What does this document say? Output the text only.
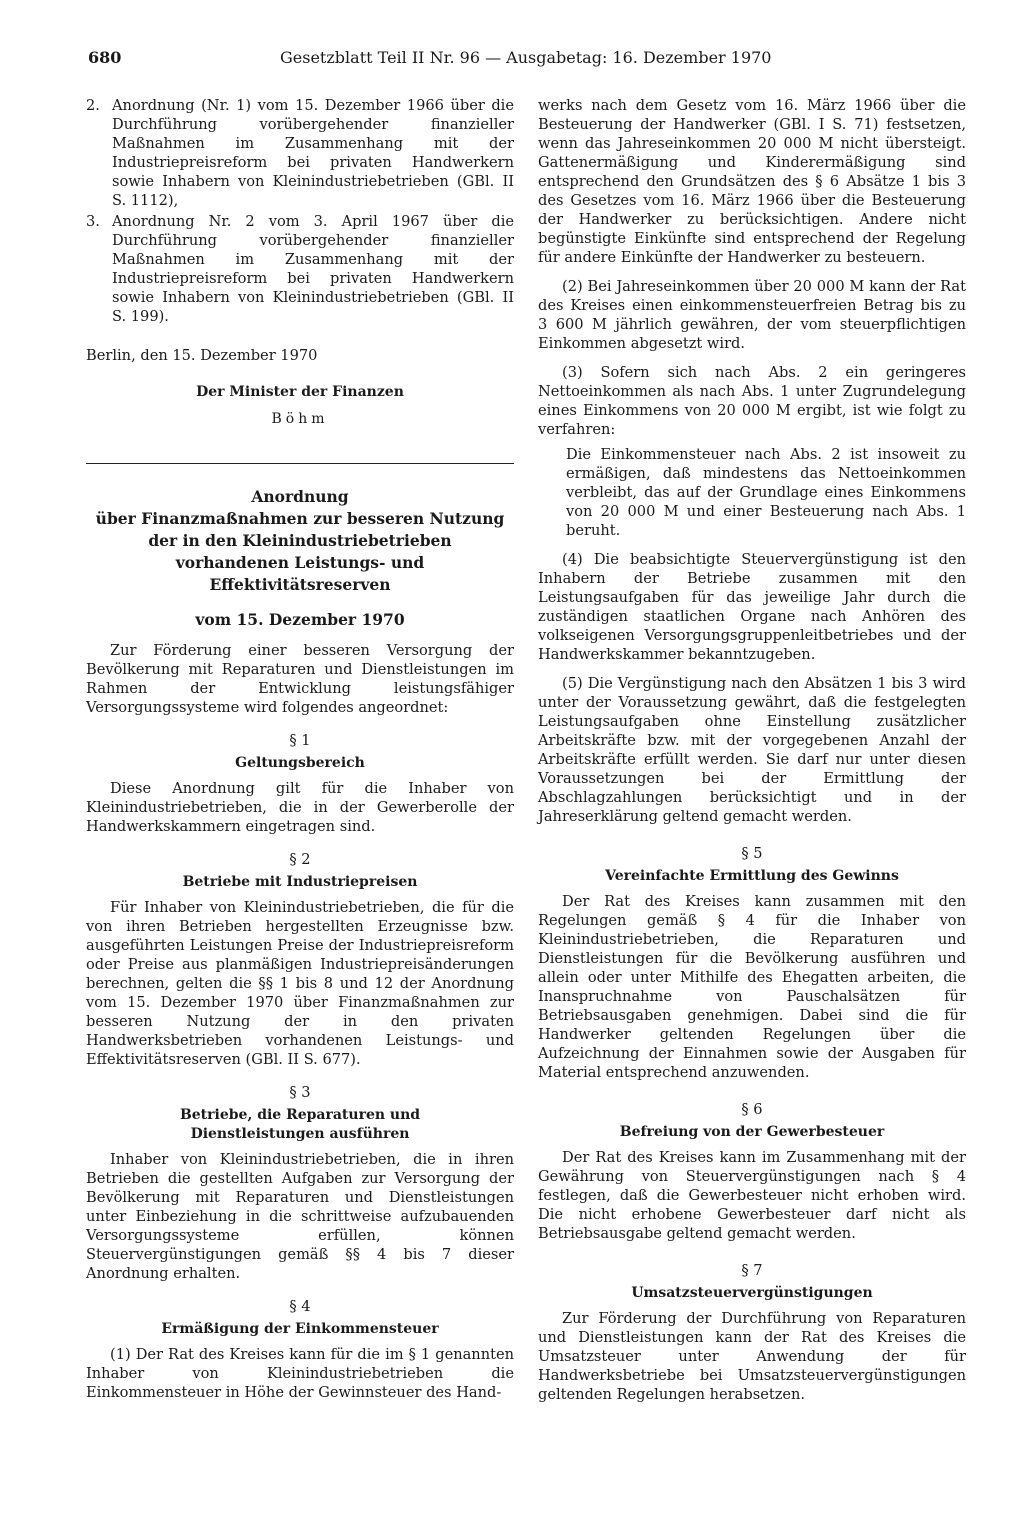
680	Gesetzblatt Teil II Nr. 96 — Ausgabetag: 16. Dezember 1970
2. Anordnung (Nr. 1) vom 15. Dezember 1966 über die Durchführung vorübergehender finanzieller Maßnahmen im Zusammenhang mit der Industriepreisreform bei privaten Handwerkern sowie Inhabern von Kleinindustriebetrieben (GBl. II S. 1112),
3. Anordnung Nr. 2 vom 3. April 1967 über die Durchführung vorübergehender finanzieller Maßnahmen im Zusammenhang mit der Industriepreisreform bei privaten Handwerkern sowie Inhabern von Kleinindustriebetrieben (GBl. II S. 199).

Berlin, den 15. Dezember 1970

Der Minister der Finanzen

Böhm

Anordnung
über Finanzmaßnahmen zur besseren Nutzung
der in den Kleinindustriebetrieben
vorhandenen Leistungs- und Effektivitätsreserven

vom 15. Dezember 1970

Zur Förderung einer besseren Versorgung der Bevölkerung mit Reparaturen und Dienstleistungen im Rahmen der Entwicklung leistungsfähiger Versorgungssysteme wird folgendes angeordnet:

§ 1

Geltungsbereich

Diese Anordnung gilt für die Inhaber von Kleinindustriebetrieben, die in der Gewerberolle der Handwerkskammern eingetragen sind.

§ 2

Betriebe mit Industriepreisen

Für Inhaber von Kleinindustriebetrieben, die für die von ihren Betrieben hergestellten Erzeugnisse bzw. ausgeführten Leistungen Preise der Industriepreisreform oder Preise aus planmäßigen Industriepreisänderungen berechnen, gelten die §§ 1 bis 8 und 12 der Anordnung vom 15. Dezember 1970 über Finanzmaßnahmen zur besseren Nutzung der in den privaten Handwerksbetrieben vorhandenen Leistungs- und Effektivitätsreserven (GBl. II S. 677).

§ 3

Betriebe, die Reparaturen und

Dienstleistungen ausführen

Inhaber von Kleinindustriebetrieben, die in ihren Betrieben die gestellten Aufgaben zur Versorgung der Bevölkerung mit Reparaturen und Dienstleistungen unter Einbeziehung in die schrittweise aufzubauenden Versorgungssysteme erfüllen, können Steuervergünstigungen gemäß §§ 4 bis 7 dieser Anordnung erhalten.

§ 4

Ermäßigung der Einkommensteuer

(1) Der Rat des Kreises kann für die im § 1 genannten Inhaber von Kleinindustriebetrieben die Einkommensteuer in Höhe der Gewinnsteuer des Hand-

werks nach dem Gesetz vom 16. März 1966 über die Besteuerung der Handwerker (GBl. I S. 71) festsetzen, wenn das Jahreseinkommen 20 000 M nicht übersteigt. Gattenermäßigung und Kinderermäßigung sind entsprechend den Grundsätzen des § 6 Absätze 1 bis 3 des Gesetzes vom 16. März 1966 über die Besteuerung der Handwerker zu berücksichtigen. Andere nicht begünstigte Einkünfte sind entsprechend der Regelung für andere Einkünfte der Handwerker zu besteuern.

(2) Bei Jahreseinkommen über 20 000 M kann der Rat des Kreises einen einkommensteuerfreien Betrag bis zu 3 600 M jährlich gewähren, der vom steuerpflichtigen Einkommen abgesetzt wird.

(3) Sofern sich nach Abs. 2 ein geringeres Nettoeinkommen als nach Abs. 1 unter Zugrundelegung eines Einkommens von 20 000 M ergibt, ist wie folgt zu verfahren:

Die Einkommensteuer nach Abs. 2 ist insoweit zu ermäßigen, daß mindestens das Nettoeinkommen verbleibt, das auf der Grundlage eines Einkommens von 20 000 M und einer Besteuerung nach Abs. 1 beruht.

(4) Die beabsichtigte Steuervergünstigung ist den Inhabern der Betriebe zusammen mit den Leistungsaufgaben für das jeweilige Jahr durch die zuständigen staatlichen Organe nach Anhören des volkseigenen Versorgungsgruppenleitbetriebes und der Handwerkskammer bekanntzugeben.

(5) Die Vergünstigung nach den Absätzen 1 bis 3 wird unter der Voraussetzung gewährt, daß die festgelegten Leistungsaufgaben ohne Einstellung zusätzlicher Arbeitskräfte bzw. mit der vorgegebenen Anzahl der Arbeitskräfte erfüllt werden. Sie darf nur unter diesen Voraussetzungen bei der Ermittlung der Abschlagzahlungen berücksichtigt und in der Jahreserklärung geltend gemacht werden.

§ 5

Vereinfachte Ermittlung des Gewinns

Der Rat des Kreises kann zusammen mit den Regelungen gemäß § 4 für die Inhaber von Kleinindustriebetrieben, die Reparaturen und Dienstleistungen für die Bevölkerung ausführen und allein oder unter Mithilfe des Ehegatten arbeiten, die Inanspruchnahme von Pauschalsätzen für Betriebsausgaben genehmigen. Dabei sind die für Handwerker geltenden Regelungen über die Aufzeichnung der Einnahmen sowie der Ausgaben für Material entsprechend anzuwenden.

§ 6

Befreiung von der Gewerbesteuer

Der Rat des Kreises kann im Zusammenhang mit der Gewährung von Steuervergünstigungen nach § 4 festlegen, daß die Gewerbesteuer nicht erhoben wird. Die nicht erhobene Gewerbesteuer darf nicht als Betriebsausgabe geltend gemacht werden.

§ 7

Umsatzsteuervergünstigungen

Zur Förderung der Durchführung von Reparaturen und Dienstleistungen kann der Rat des Kreises die Umsatzsteuer unter Anwendung der für Handwerksbetriebe bei Umsatzsteuervergünstigungen geltenden Regelungen herabsetzen.
